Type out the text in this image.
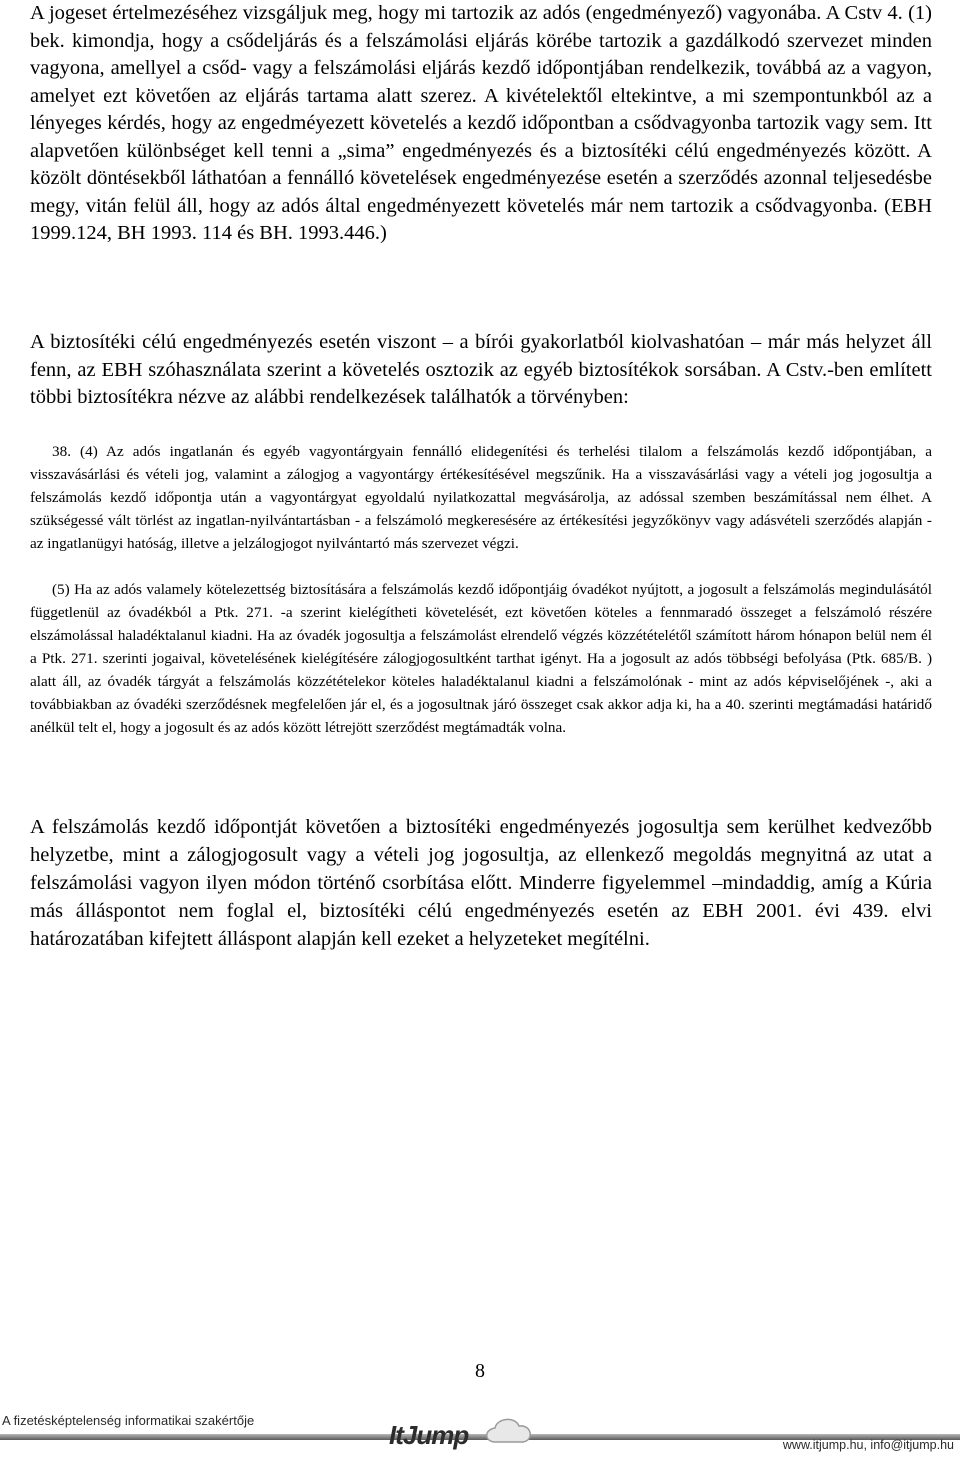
A jogeset értelmezéséhez vizsgáljuk meg, hogy mi tartozik az adós (engedményező) vagyonába. A Cstv 4. (1) bek. kimondja, hogy a csődeljárás és a felszámolási eljárás körébe tartozik a gazdálkodó szervezet minden vagyona, amellyel a csőd- vagy a felszámolási eljárás kezdő időpontjában rendelkezik, továbbá az a vagyon, amelyet ezt követően az eljárás tartama alatt szerez. A kivételektől eltekintve, a mi szempontunkból az a lényeges kérdés, hogy az engedméyezett követelés a kezdő időpontban a csődvagyonba tartozik vagy sem. Itt alapvetően különbséget kell tenni a „sima” engedményezés és a biztosítéki célú engedményezés között. A közölt döntésekből láthatóan a fennálló követelések engedményezése esetén a szerződés azonnal teljesedésbe megy, vitán felül áll, hogy az adós által engedményezett követelés már nem tartozik a csődvagyonba. (EBH 1999.124, BH 1993. 114 és BH. 1993.446.)

A biztosítéki célú engedményezés esetén viszont – a bírói gyakorlatból kiolvashatóan – már más helyzet áll fenn, az EBH szóhasználata szerint a követelés osztozik az egyéb biztosítékok sorsában. A Cstv.-ben említett többi biztosítékra nézve az alábbi rendelkezések találhatók a törvényben:

38. (4) Az adós ingatlanán és egyéb vagyontárgyain fennálló elidegenítési és terhelési tilalom a felszámolás kezdő időpontjában, a visszavásárlási és vételi jog, valamint a zálogjog a vagyontárgy értékesítésével megszűnik. Ha a visszavásárlási vagy a vételi jog jogosultja a felszámolás kezdő időpontja után a vagyontárgyat egyoldalú nyilatkozattal megvásárolja, az adóssal szemben beszámítással nem élhet. A szükségessé vált törlést az ingatlan-nyilvántartásban - a felszámoló megkeresésére az értékesítési jegyzőkönyv vagy adásvételi szerződés alapján - az ingatlanügyi hatóság, illetve a jelzálogjogot nyilvántartó más szervezet végzi.

(5) Ha az adós valamely kötelezettség biztosítására a felszámolás kezdő időpontjáig óvadékot nyújtott, a jogosult a felszámolás megindulásától függetlenül az óvadékból a Ptk. 271. -a szerint kielégítheti követelését, ezt követően köteles a fennmaradó összeget a felszámoló részére elszámolással haladéktalanul kiadni. Ha az óvadék jogosultja a felszámolást elrendelő végzés közzétételétől számított három hónapon belül nem él a Ptk. 271. szerinti jogaival, követelésének kielégítésére zálogjogosultként tarthat igényt. Ha a jogosult az adós többségi befolyása (Ptk. 685/B. ) alatt áll, az óvadék tárgyát a felszámolás közzétételekor köteles haladéktalanul kiadni a felszámolónak - mint az adós képviselőjének -, aki a továbbiakban az óvadéki szerződésnek megfelelően jár el, és a jogosultnak járó összeget csak akkor adja ki, ha a 40. szerinti megtámadási határidő anélkül telt el, hogy a jogosult és az adós között létrejött szerződést megtámadták volna.

A felszámolás kezdő időpontját követően a biztosítéki engedményezés jogosultja sem kerülhet kedvezőbb helyzetbe, mint a zálogjogosult vagy a vételi jog jogosultja, az ellenkező megoldás megnyitná az utat a felszámolási vagyon ilyen módon történő csorbítása előtt. Minderre figyelemmel –mindaddig, amíg a Kúria más álláspontot nem foglal el, biztosítéki célú engedményezés esetén az EBH 2001. évi 439. elvi határozatában kifejtett álláspont alapján kell ezeket a helyzeteket megítélni.

8
A fizetésképtelenség informatikai szakértője	ItJump	www.itjump.hu, info@itjump.hu
